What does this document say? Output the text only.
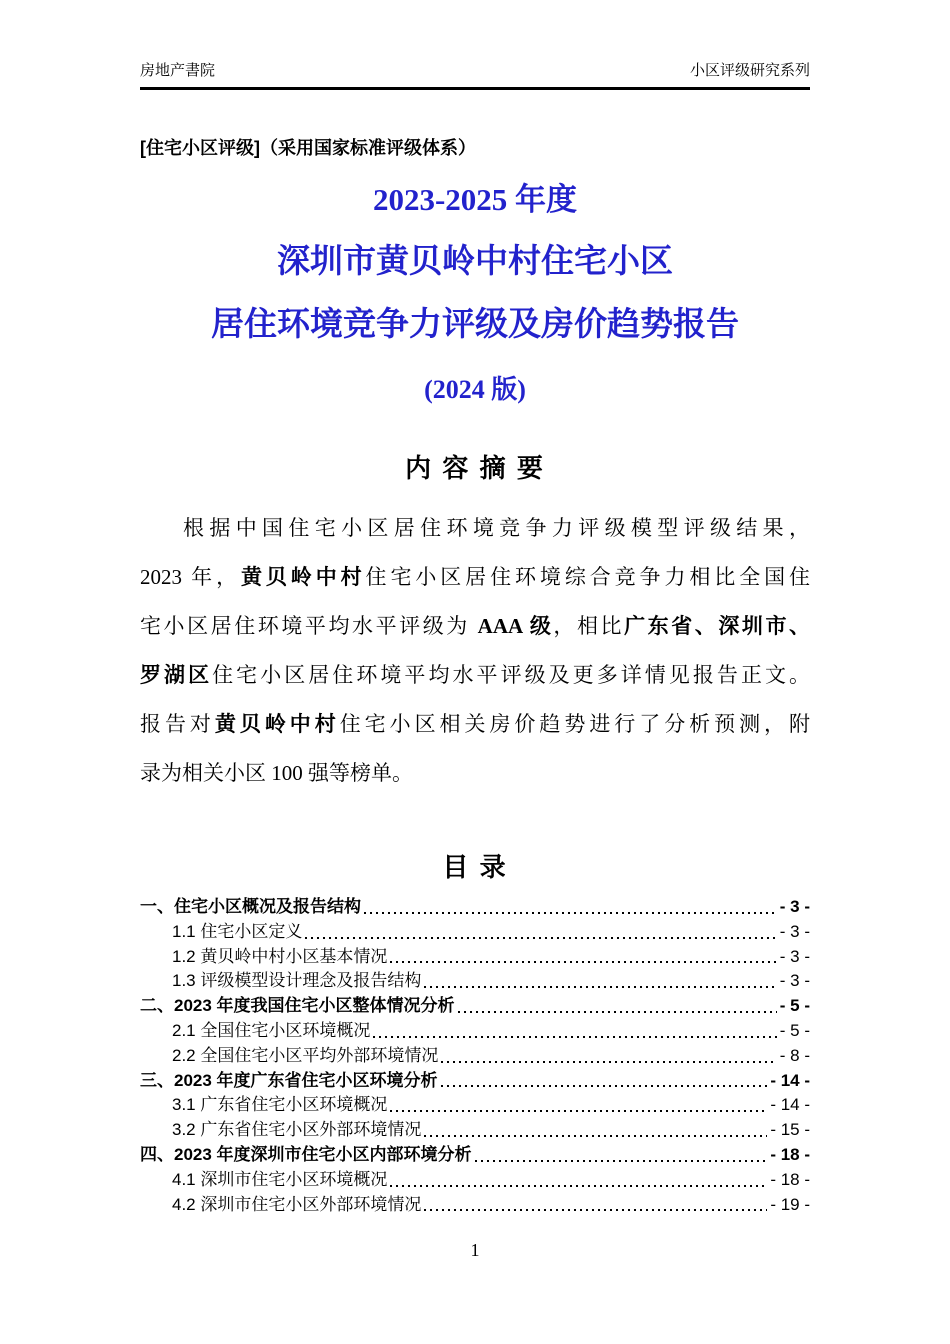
房地产書院	小区评级研究系列
[住宅小区评级]（采用国家标准评级体系）
2023-2025 年度
深圳市黄贝岭中村住宅小区
居住环境竞争力评级及房价趋势报告
(2024 版)
内 容 摘 要
根据中国住宅小区居住环境竞争力评级模型评级结果，
2023 年，黄贝岭中村住宅小区居住环境综合竞争力相比全国住
宅小区居住环境平均水平评级为 AAA 级，相比广东省、深圳市、
罗湖区住宅小区居住环境平均水平评级及更多详情见报告正文。
报告对黄贝岭中村住宅小区相关房价趋势进行了分析预测，附
录为相关小区 100 强等榜单。
目 录
一、住宅小区概况及报告结构	- 3 -
1.1 住宅小区定义	- 3 -
1.2 黄贝岭中村小区基本情况	- 3 -
1.3 评级模型设计理念及报告结构	- 3 -
二、2023 年度我国住宅小区整体情况分析	- 5 -
2.1 全国住宅小区环境概况	- 5 -
2.2 全国住宅小区平均外部环境情况	- 8 -
三、2023 年度广东省住宅小区环境分析	- 14 -
3.1 广东省住宅小区环境概况	- 14 -
3.2 广东省住宅小区外部环境情况	- 15 -
四、2023 年度深圳市住宅小区内部环境分析	- 18 -
4.1 深圳市住宅小区环境概况	- 18 -
4.2 深圳市住宅小区外部环境情况	- 19 -
1
